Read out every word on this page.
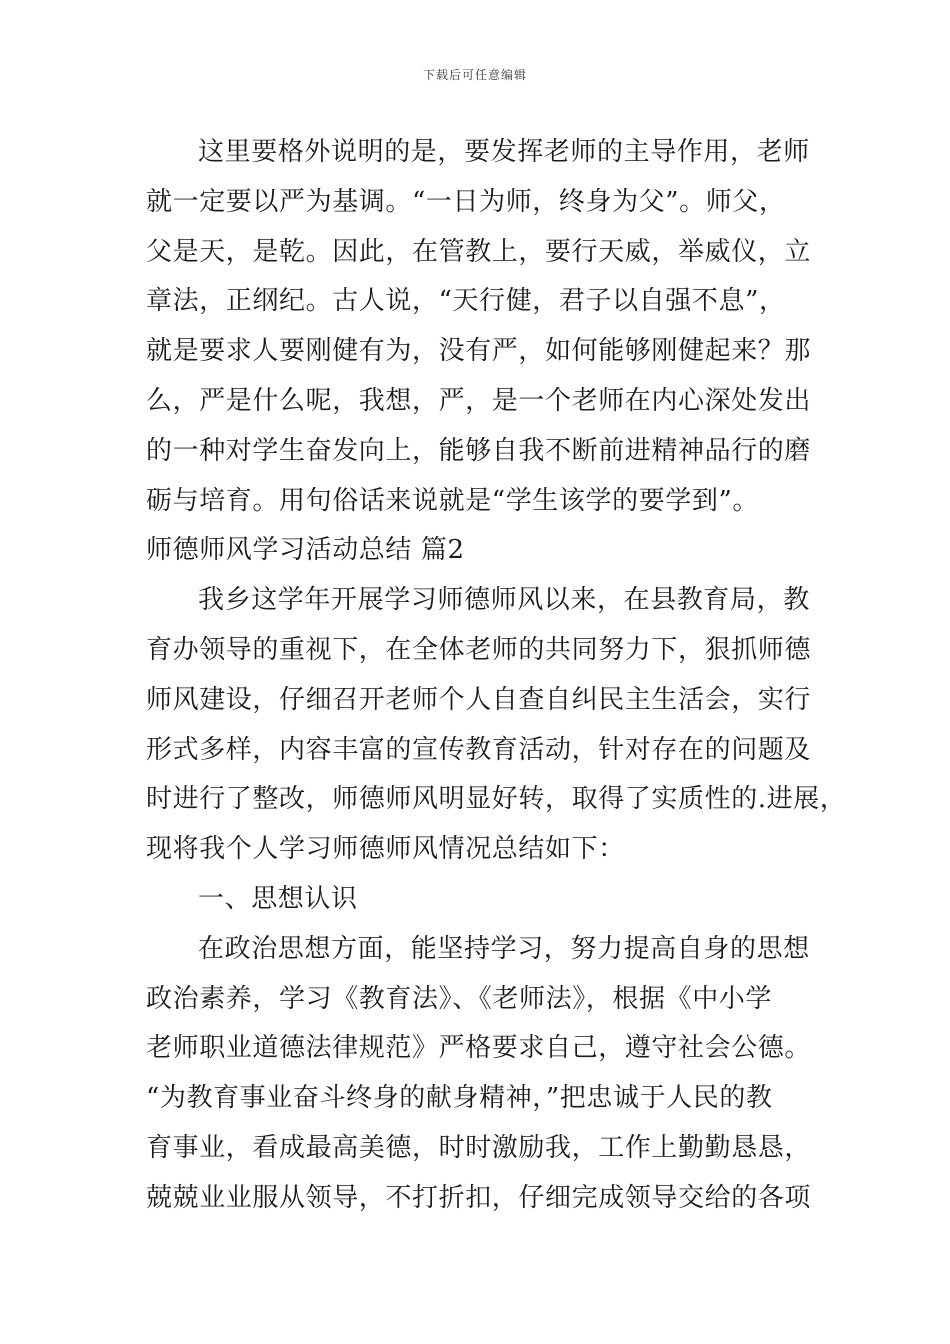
下载后可任意编辑
这里要格外说明的是，要发挥老师的主导作用，老师
就一定要以严为基调。“一日为师，终身为父”。师父，
父是天，是乾。因此，在管教上，要行天威，举威仪，立
章法，正纲纪。古人说，“天行健，君子以自强不息”，
就是要求人要刚健有为，没有严，如何能够刚健起来？那
么，严是什么呢，我想，严，是一个老师在内心深处发出
的一种对学生奋发向上，能够自我不断前进精神品行的磨
砺与培育。用句俗话来说就是“学生该学的要学到”。
师德师风学习活动总结 篇2
我乡这学年开展学习师德师风以来，在县教育局，教
育办领导的重视下，在全体老师的共同努力下，狠抓师德
师风建设，仔细召开老师个人自查自纠民主生活会，实行
形式多样，内容丰富的宣传教育活动，针对存在的问题及
时进行了整改，师德师风明显好转，取得了实质性的.进展，
现将我个人学习师德师风情况总结如下：
一、思想认识
在政治思想方面，能坚持学习，努力提高自身的思想
政治素养，学习《教育法》、《老师法》，根据《中小学
老师职业道德法律规范》严格要求自己，遵守社会公德。
“为教育事业奋斗终身的献身精神，”把忠诚于人民的教
育事业，看成最高美德，时时激励我，工作上勤勤恳恳，
兢兢业业服从领导，不打折扣，仔细完成领导交给的各项
